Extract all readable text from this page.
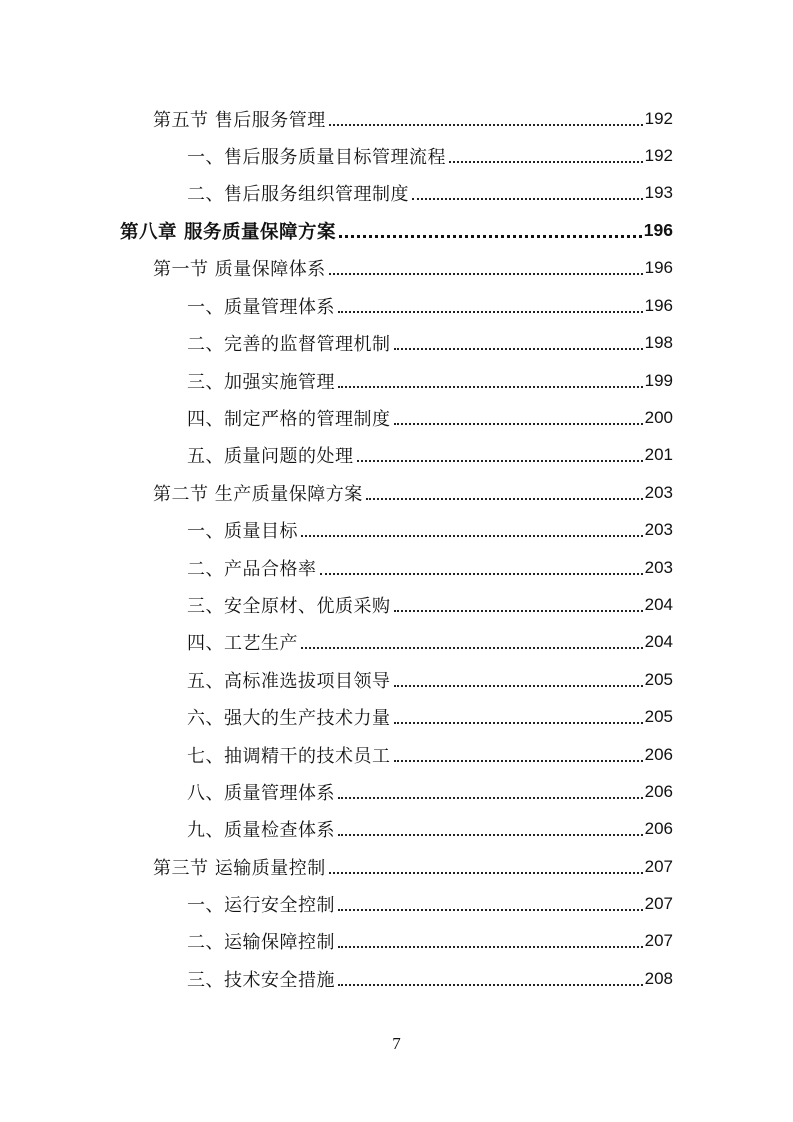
第五节 售后服务管理	192
一、售后服务质量目标管理流程	192
二、售后服务组织管理制度	193
第八章 服务质量保障方案	196
第一节 质量保障体系	196
一、质量管理体系	196
二、完善的监督管理机制	198
三、加强实施管理	199
四、制定严格的管理制度	200
五、质量问题的处理	201
第二节 生产质量保障方案	203
一、质量目标	203
二、产品合格率	203
三、安全原材、优质采购	204
四、工艺生产	204
五、高标准选拔项目领导	205
六、强大的生产技术力量	205
七、抽调精干的技术员工	206
八、质量管理体系	206
九、质量检查体系	206
第三节 运输质量控制	207
一、运行安全控制	207
二、运输保障控制	207
三、技术安全措施	208
7
